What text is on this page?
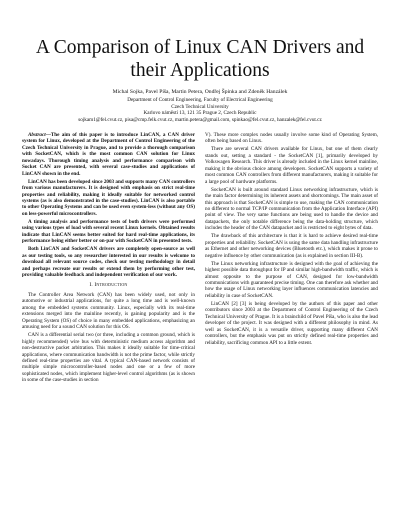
A Comparison of Linux CAN Drivers and their Applications
Michal Sojka, Pavel Píša, Martin Petera, Ondřej Špinka and Zdeněk Hanzálek
Department of Control Engineering, Faculty of Electrical Engineering
Czech Technical University
Karlovo náměstí 13, 121 35 Prague 2, Czech Republic
sojkam1@fel.cvut.cz, pisa@cmp.felk.cvut.cz, martin.petera@gmail.com, spinkao@fel.cvut.cz, hanzalek@fel.cvut.cz

Abstract—The aim of this paper is to introduce LinCAN, a CAN driver system for Linux, developed at the Department of Control Engineering of the Czech Technical University in Prague, and to provide a thorough comparison with SocketCAN, which is the most common CAN solution for Linux nowadays. Thorough timing analysis and performance comparison with Socket CAN are presented, with several case-studies and applications of LinCAN shown in the end.

LinCAN has been developed since 2003 and supports many CAN controllers from various manufacturers. It is designed with emphasis on strict real-time properties and reliability, making it ideally suitable for networked control systems (as is also demonstrated in the case-studies). LinCAN is also portable to other Operating Systems and can be used even system-less (without any OS) on less-powerful microcontrollers.

A timing analysis and performance tests of both drivers were performed using various types of load with several recent Linux kernels. Obtained results indicate that LinCAN seems better suited for hard real-time applications, its performance being either better or on-par with SocketCAN in presented tests.

Both LinCAN and SocketCAN drivers are completely open-source as well as our testing tools, so any researcher interested in our results is welcome to download all relevant source codes, check our testing methodology in detail and perhaps recreate our results or extend them by performing other test, providing valuable feedback and independent verification of our work.

I. Introduction

The Controller Area Network (CAN) has been widely used, not only in automotive or industrial applications, for quite a long time and is well-known among the embedded systems community. Linux, especially with its real-time extensions merged into the mainline recently, is gaining popularity and is the Operating System (OS) of choice in many embedded applications, emphasizing an amusing need for a sound CAN solution for this OS.

CAN is a differential serial two (or three, including a common ground, which is highly recommended) wire bus with deterministic medium access algorithm and non-destructive packet arbitration. This makes it ideally suitable for time-critical applications, where communication bandwidth is not the prime factor, while strictly defined real-time properties are vital. A typical CAN-based network consists of multiple simple microcontroller-based nodes and one or a few of more sophisticated nodes, which implement higher-level control algorithms (as is shown in some of the case-studies in section

V). These more complex nodes usually involve some kind of Operating System, often being based on Linux.

There are several CAN drivers available for Linux, but one of them clearly stands out, setting a standard - the SocketCAN [1], primarily developed by Volkswagen Research. This driver is already included in the Linux kernel mainline, making it the obvious choice among developers. SocketCAN supports a variety of most common CAN controllers from different manufacturers, making it suitable for a large pool of hardware platforms.

SocketCAN is built around standard Linux networking infrastructure, which is the main factor determining its inherent assets and shortcomings. The main asset of this approach is that SocketCAN is simple to use, making the CAN communication no different to normal TCP/IP communication from the Application Interface (API) point of view. The very same functions are being used to handle the device and datapackets, the only notable difference being the data-holding structure, which includes the header of the CAN datapacket and is restricted to eight bytes of data.

The drawback of this architecture is that it is hard to achieve desired real-time properties and reliability. SocketCAN is using the same data handling infrastructure as Ethernet and other networking devices (Bluetooth etc.), which makes it prone to negative influence by other communication (as is explained in section III-B).

The Linux networking infrastructure is designed with the goal of achieving the highest possible data throughput for IP and similar high-bandwidth traffic, which is almost opposite to the purpose of CAN, designed for low-bandwidth communications with guaranteed precise timing. One can therefore ask whether and how the usage of Linux networking layer influences communication latencies and reliability in case of SocketCAN.

LinCAN [2] [3] is being developed by the authors of this paper and other contributors since 2003 at the Department of Control Engineering of the Czech Technical University of Prague. It is a brainchild of Pavel Píša, who is also the lead developer of the project. It was designed with a different philosophy in mind. As well as SocketCAN, it is a versatile driver, supporting many different CAN controllers, but the emphasis was put on strictly defined real-time properties and reliability, sacrificing common API to a little extent.
